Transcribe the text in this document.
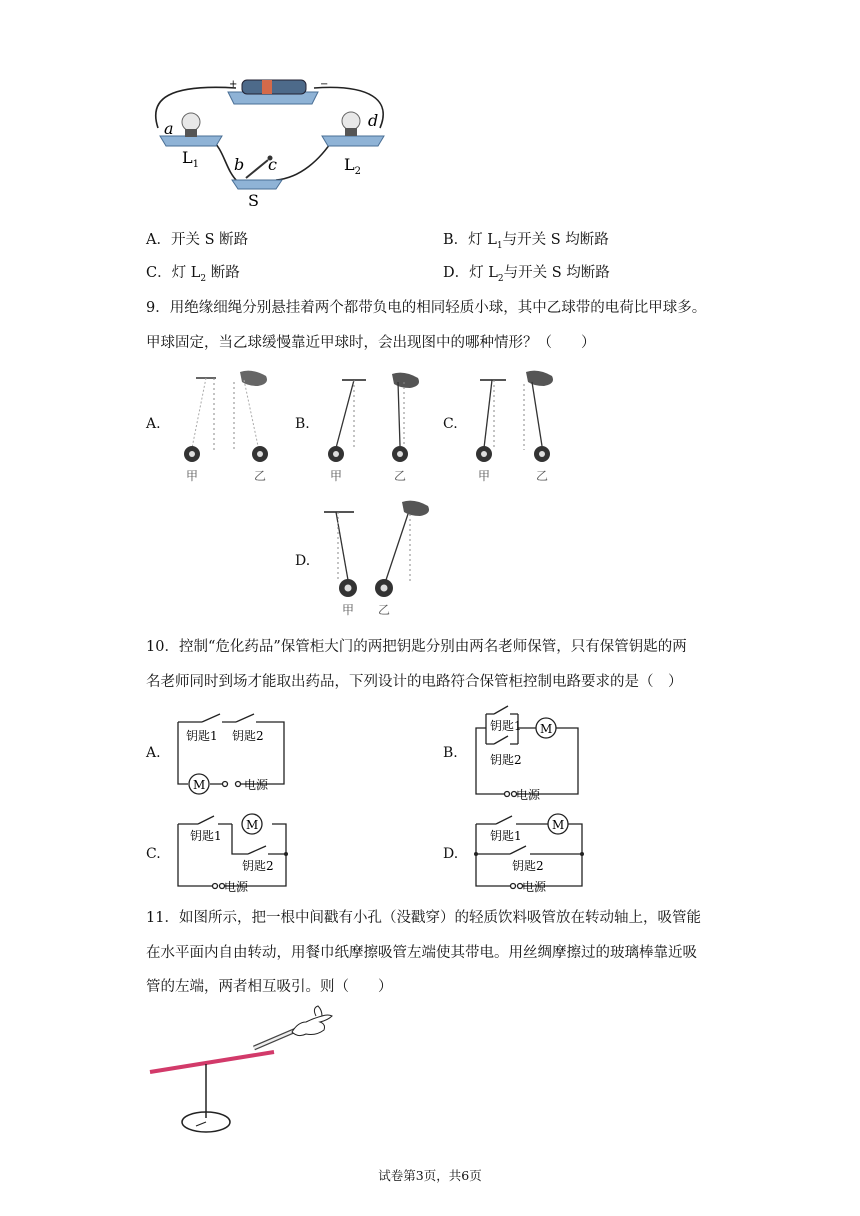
+	−
a	d
b c
$L_1$	$L_2$
S
A．开关 S 断路	B．灯 $L_1$与开关 S 均断路
C．灯 $L_2$ 断路	D．灯 $L_2$与开关 S 均断路
9．用绝缘细绳分别悬挂着两个都带负电的相同轻质小球，其中乙球带的电荷比甲球多。
甲球固定，当乙球缓慢靠近甲球时，会出现图中的哪种情形？（　　）
A.
甲	乙
B.
甲	乙
C.
甲	乙
D.
甲 乙
10．控制“危化药品”保管柜大门的两把钥匙分别由两名老师保管，只有保管钥匙的两
名老师同时到场才能取出药品，下列设计的电路符合保管柜控制电路要求的是（　）
A.
M
钥匙1 钥匙2
电源
B.
M
钥匙1
钥匙2
电源
C.
M
钥匙1
钥匙2
电源
D.
M
钥匙1
钥匙2
电源
11．如图所示，把一根中间戳有小孔（没戳穿）的轻质饮料吸管放在转动轴上，吸管能
在水平面内自由转动，用餐巾纸摩擦吸管左端使其带电。用丝绸摩擦过的玻璃棒靠近吸
管的左端，两者相互吸引。则（　　）
试卷第3页，共6页
